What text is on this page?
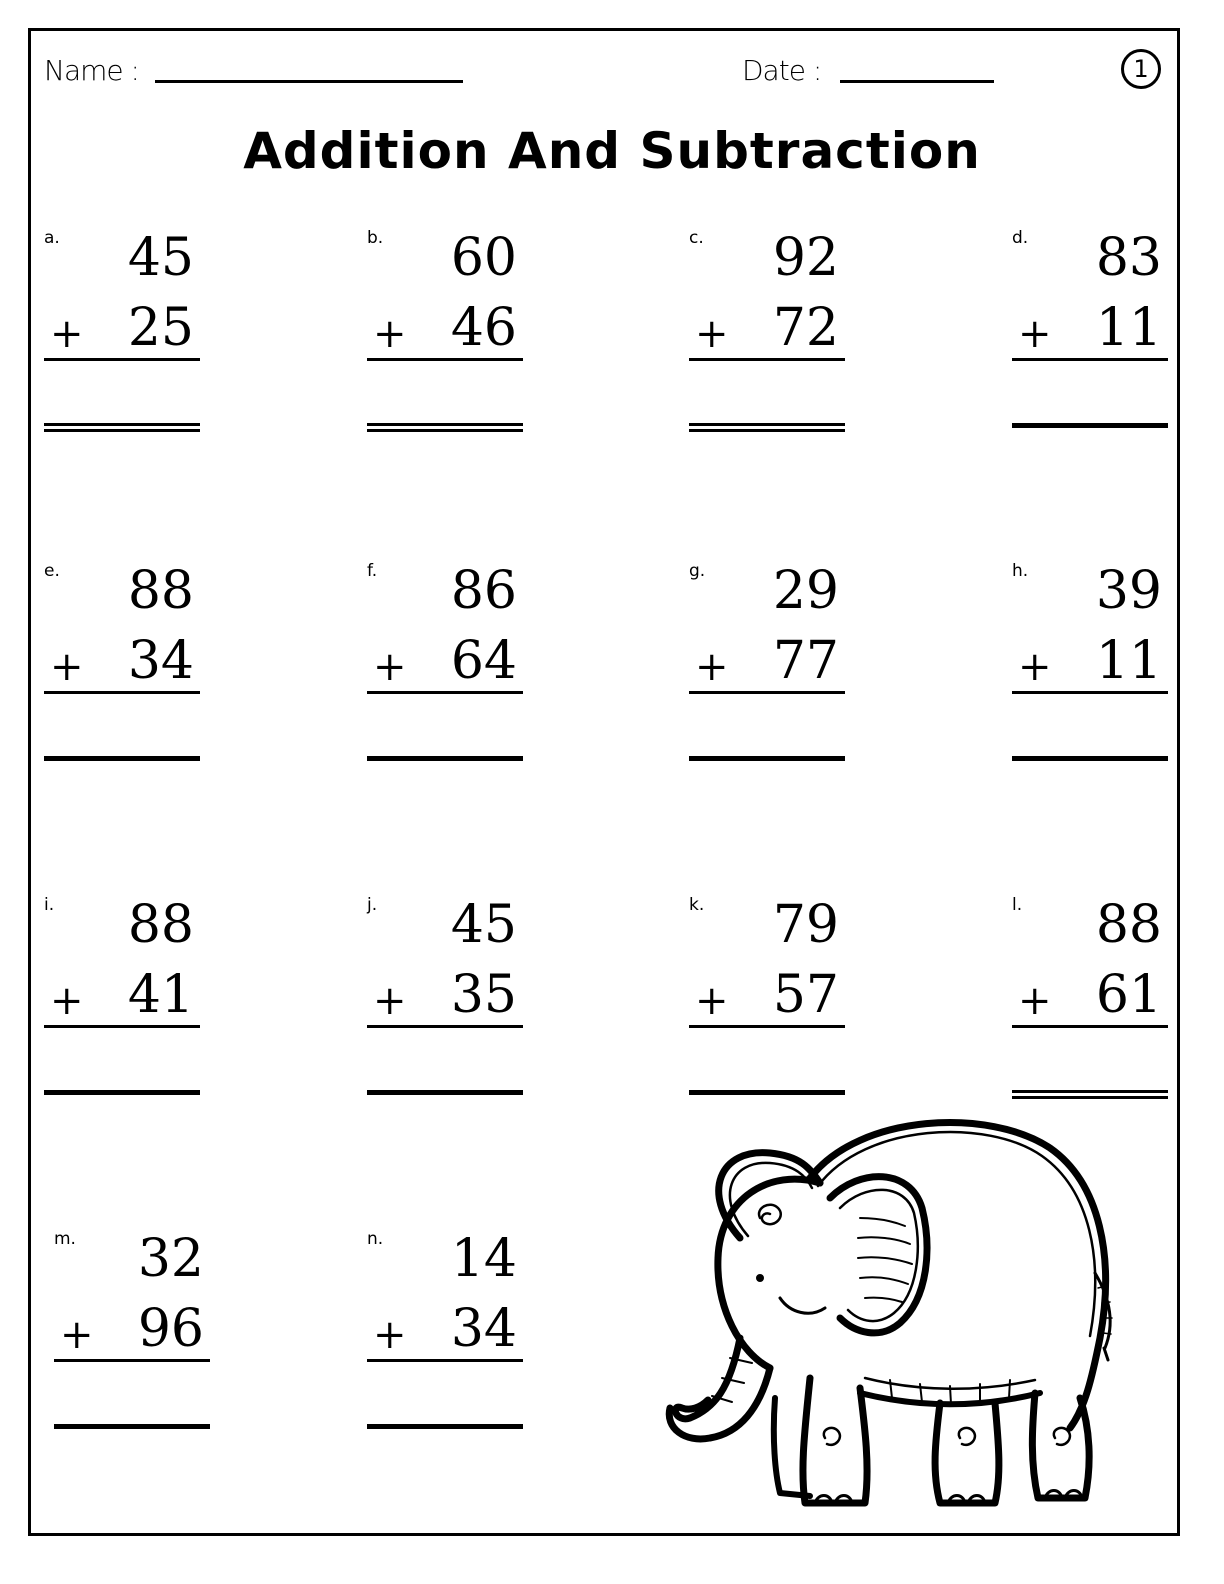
Name :	Date :	1
Addition And Subtraction
a. 45
+ 25
b. 60
+ 46
c. 92
+ 72
d. 83
+ 11
e. 88
+ 34
f. 86
+ 64
g. 29
+ 77
h. 39
+ 11
i. 88
+ 41
j. 45
+ 35
k. 79
+ 57
l. 88
+ 61
m. 32
+ 96
n. 14
+ 34
